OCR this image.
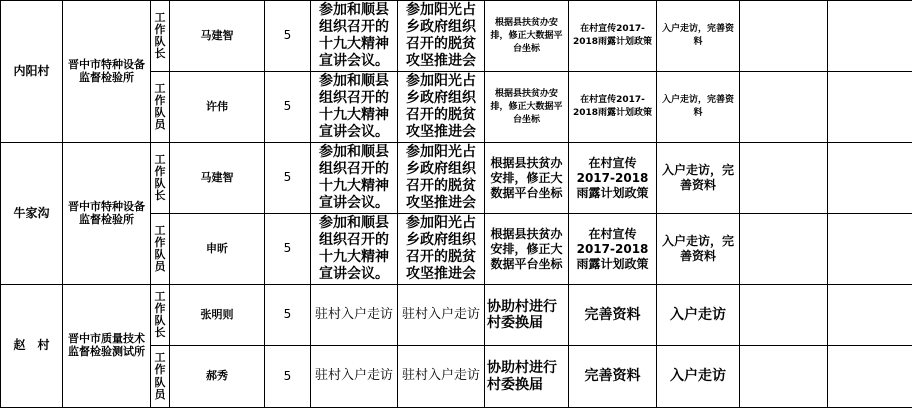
内阳村	晋中市特种设备监督检验所	工作队长	马建智	5	参加和顺县组织召开的十九大精神宣讲会议。	参加阳光占乡政府组织召开的脱贫攻坚推进会	根据县扶贫办安排，修正大数据平台坐标	在村宣传2017-2018雨露计划政策	入户走访，完善资料		

		工作队员	许伟	5	参加和顺县组织召开的十九大精神宣讲会议。	参加阳光占乡政府组织召开的脱贫攻坚推进会	根据县扶贫办安排，修正大数据平台坐标	在村宣传2017-2018雨露计划政策	入户走访，完善资料		
牛家沟	晋中市特种设备监督检验所	工作队长	马建智	5	参加和顺县组织召开的十九大精神宣讲会议。	参加阳光占乡政府组织召开的脱贫攻坚推进会	根据县扶贫办安排，修正大数据平台坐标	在村宣传2017-2018雨露计划政策	入户走访，完善资料		

		工作队员	申昕	5	参加和顺县组织召开的十九大精神宣讲会议。	参加阳光占乡政府组织召开的脱贫攻坚推进会	根据县扶贫办安排，修正大数据平台坐标	在村宣传2017-2018雨露计划政策	入户走访，完善资料		
赵　村	晋中市质量技术监督检验测试所	工作队长	张明则	5	驻村入户走访	驻村入户走访	协助村进行村委换届	完善资料	入户走访		

		工作队员	郝秀	5	驻村入户走访	驻村入户走访	协助村进行村委换届	完善资料	入户走访		
